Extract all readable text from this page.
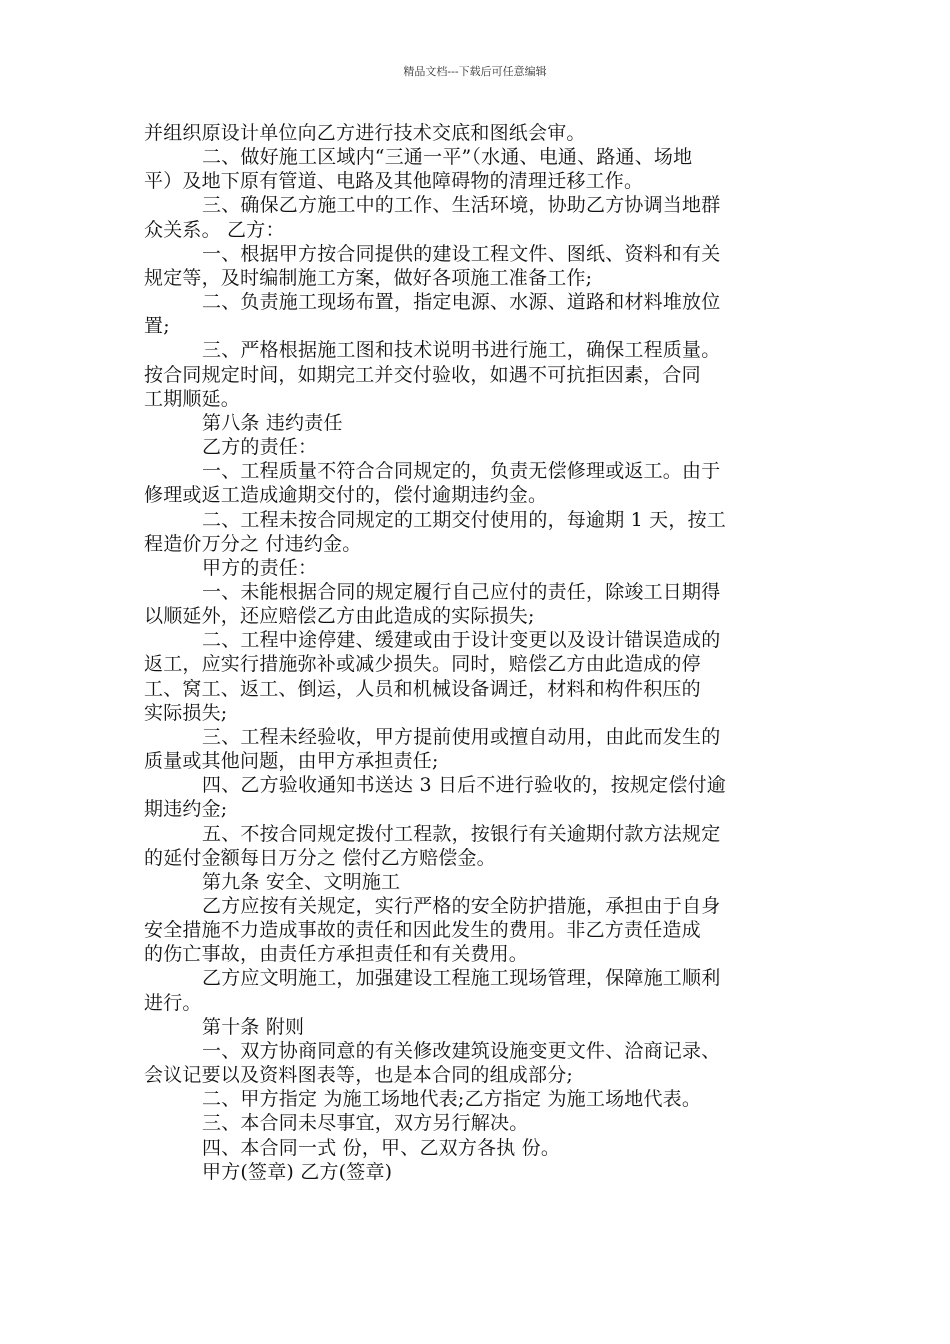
精品文档---下载后可任意编辑

并组织原设计单位向乙方进行技术交底和图纸会审。

二、做好施工区域内“三通一平”（水通、电通、路通、场地

平）及地下原有管道、电路及其他障碍物的清理迁移工作。

三、确保乙方施工中的工作、生活环境，协助乙方协调当地群

众关系。 乙方：

一、根据甲方按合同提供的建设工程文件、图纸、资料和有关

规定等，及时编制施工方案，做好各项施工准备工作;

二、负责施工现场布置，指定电源、水源、道路和材料堆放位

置;

三、严格根据施工图和技术说明书进行施工，确保工程质量。

按合同规定时间，如期完工并交付验收，如遇不可抗拒因素，合同

工期顺延。

第八条 违约责任

乙方的责任：

一、工程质量不符合合同规定的，负责无偿修理或返工。由于

修理或返工造成逾期交付的，偿付逾期违约金。

二、工程未按合同规定的工期交付使用的，每逾期 1 天，按工

程造价万分之 付违约金。

甲方的责任：

一、未能根据合同的规定履行自己应付的责任，除竣工日期得

以顺延外，还应赔偿乙方由此造成的实际损失;

二、工程中途停建、缓建或由于设计变更以及设计错误造成的

返工，应实行措施弥补或减少损失。同时，赔偿乙方由此造成的停

工、窝工、返工、倒运，人员和机械设备调迁，材料和构件积压的

实际损失;

三、工程未经验收，甲方提前使用或擅自动用，由此而发生的

质量或其他问题，由甲方承担责任;

四、乙方验收通知书送达 3 日后不进行验收的，按规定偿付逾

期违约金;

五、不按合同规定拨付工程款，按银行有关逾期付款方法规定

的延付金额每日万分之 偿付乙方赔偿金。

第九条 安全、文明施工

乙方应按有关规定，实行严格的安全防护措施，承担由于自身

安全措施不力造成事故的责任和因此发生的费用。非乙方责任造成

的伤亡事故，由责任方承担责任和有关费用。

乙方应文明施工，加强建设工程施工现场管理，保障施工顺利

进行。

第十条 附则

一、双方协商同意的有关修改建筑设施变更文件、洽商记录、

会议记要以及资料图表等，也是本合同的组成部分;

二、甲方指定 为施工场地代表;乙方指定 为施工场地代表。

三、本合同未尽事宜，双方另行解决。

四、本合同一式 份，甲、乙双方各执 份。

甲方(签章) 乙方(签章)
